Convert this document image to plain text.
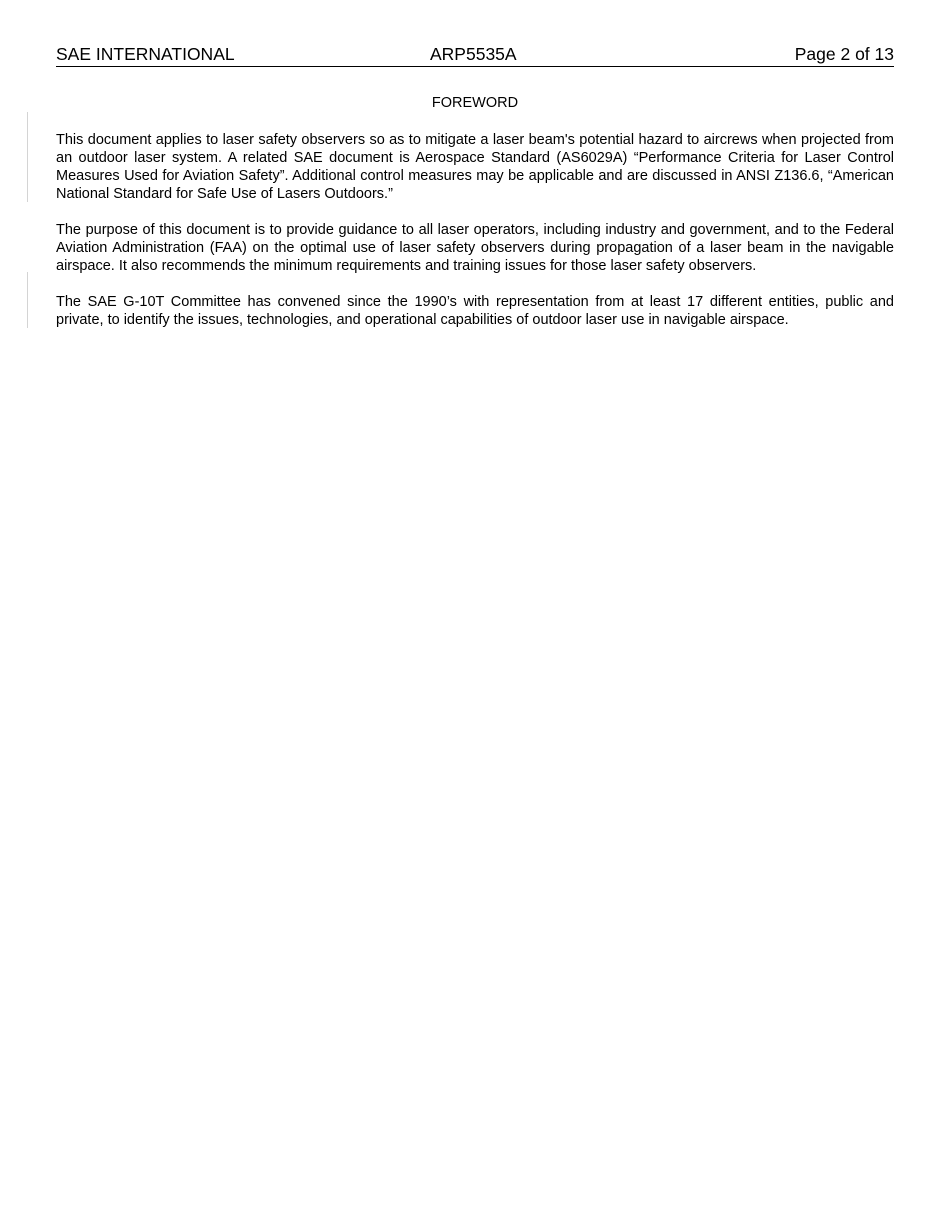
SAE INTERNATIONAL	ARP5535A	Page 2 of 13
FOREWORD

This document applies to laser safety observers so as to mitigate a laser beam's potential hazard to aircrews when projected from an outdoor laser system. A related SAE document is Aerospace Standard (AS6029A) “Performance Criteria for Laser Control Measures Used for Aviation Safety”. Additional control measures may be applicable and are discussed in ANSI Z136.6, “American National Standard for Safe Use of Lasers Outdoors.”

The purpose of this document is to provide guidance to all laser operators, including industry and government, and to the Federal Aviation Administration (FAA) on the optimal use of laser safety observers during propagation of a laser beam in the navigable airspace. It also recommends the minimum requirements and training issues for those laser safety observers.

The SAE G-10T Committee has convened since the 1990’s with representation from at least 17 different entities, public and private, to identify the issues, technologies, and operational capabilities of outdoor laser use in navigable airspace.
